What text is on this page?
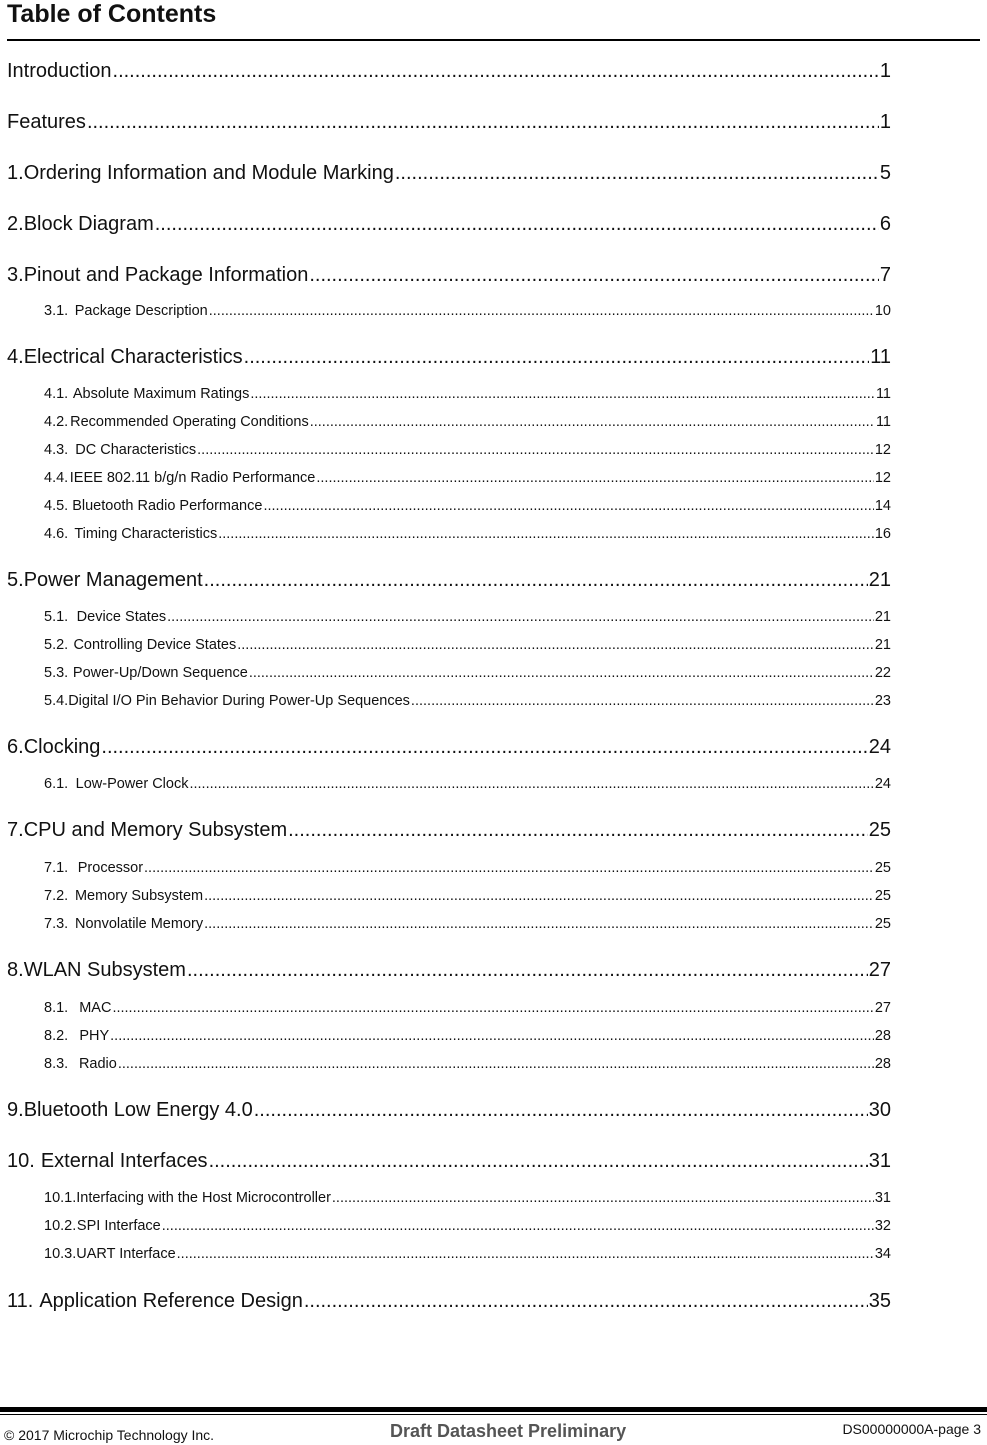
Table of Contents
Introduction .....	1
Features .....	1
1. Ordering Information and Module Marking .....	5
2. Block Diagram .....	6
3. Pinout and Package Information .....	7
3.1. Package Description .....	10
4. Electrical Characteristics .....	11
4.1. Absolute Maximum Ratings .....	11
4.2. Recommended Operating Conditions .....	11
4.3. DC Characteristics .....	12
4.4. IEEE 802.11 b/g/n Radio Performance .....	12
4.5. Bluetooth Radio Performance .....	14
4.6. Timing Characteristics .....	16
5. Power Management .....	21
5.1. Device States .....	21
5.2. Controlling Device States .....	21
5.3. Power-Up/Down Sequence .....	22
5.4. Digital I/O Pin Behavior During Power-Up Sequences .....	23
6. Clocking .....	24
6.1. Low-Power Clock .....	24
7. CPU and Memory Subsystem .....	25
7.1. Processor .....	25
7.2. Memory Subsystem .....	25
7.3. Nonvolatile Memory .....	25
8. WLAN Subsystem .....	27
8.1. MAC .....	27
8.2. PHY .....	28
8.3. Radio .....	28
9. Bluetooth Low Energy 4.0 .....	30
10. External Interfaces .....	31
10.1. Interfacing with the Host Microcontroller .....	31
10.2. SPI Interface .....	32
10.3. UART Interface .....	34
11. Application Reference Design .....	35
© 2017 Microchip Technology Inc.	Draft Datasheet Preliminary	DS00000000A-page 3
